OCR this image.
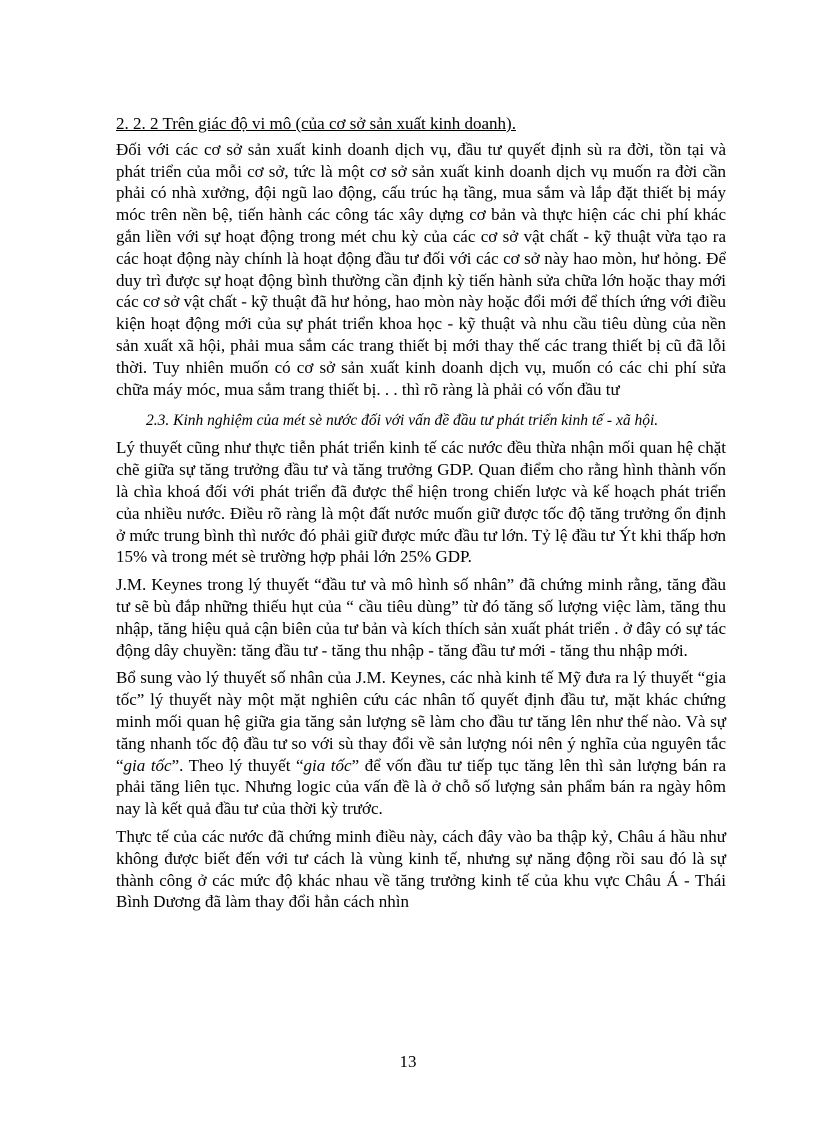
2. 2. 2 Trên giác độ vi mô (của cơ sở sản xuất kinh doanh).

Đối với các cơ sở sản xuất kinh doanh dịch vụ, đầu tư quyết định sù ra đời, tồn tại và phát triển của mỗi cơ sở, tức là một cơ sở sản xuất kinh doanh dịch vụ muốn ra đời cần phải có nhà xưởng, đội ngũ lao động, cấu trúc hạ tầng, mua sắm và lắp đặt thiết bị máy móc trên nền bệ, tiến hành các công tác xây dựng cơ bản và thực hiện các chi phí khác gắn liền với sự hoạt động trong mét chu kỳ của các cơ sở vật chất - kỹ thuật vừa tạo ra các hoạt động này chính là hoạt động đầu tư đối với các cơ sở này hao mòn, hư hỏng. Để duy trì được sự hoạt động bình thường cần định kỳ tiến hành sửa chữa lớn hoặc thay mới các cơ sở vật chất - kỹ thuật đã hư hỏng, hao mòn này hoặc đổi mới để thích ứng với điều kiện hoạt động mới của sự phát triển khoa học - kỹ thuật và nhu cầu tiêu dùng của nền sản xuất xã hội, phải mua sắm các trang thiết bị mới thay thế các trang thiết bị cũ đã lỗi thời. Tuy nhiên muốn có cơ sở sản xuất kinh doanh dịch vụ, muốn có các chi phí sửa chữa máy móc, mua sắm trang thiết bị. . . thì rõ ràng là phải có vốn đầu tư

2.3. Kinh nghiệm của mét sè nước đối với vấn đề đầu tư phát triển kinh tế - xã hội.

Lý thuyết cũng như thực tiễn phát triển kinh tế các nước đều thừa nhận mối quan hệ chặt chẽ giữa sự tăng trưởng đầu tư và tăng trưởng GDP. Quan điểm cho rằng hình thành vốn là chìa khoá đối với phát triển đã được thể hiện trong chiến lược và kế hoạch phát triển của nhiều nước. Điều rõ ràng là một đất nước muốn giữ được tốc độ tăng trưởng ổn định ở mức trung bình thì nước đó phải giữ được mức đầu tư lớn. Tỷ lệ đầu tư Ýt khi thấp hơn 15% và trong mét sè trường hợp phải lớn 25% GDP.

J.M. Keynes trong lý thuyết “đầu tư và mô hình số nhân” đã chứng minh rằng, tăng đầu tư sẽ bù đắp những thiếu hụt của “ cầu tiêu dùng” từ đó tăng số lượng việc làm, tăng thu nhập, tăng hiệu quả cận biên của tư bản và kích thích sản xuất phát triển . ở đây có sự tác động dây chuyền: tăng đầu tư - tăng thu nhập - tăng đầu tư mới - tăng thu nhập mới.

Bổ sung vào lý thuyết số nhân của J.M. Keynes, các nhà kinh tế Mỹ đưa ra lý thuyết “gia tốc” lý thuyết này một mặt nghiên cứu các nhân tố quyết định đầu tư, mặt khác chứng minh mối quan hệ giữa gia tăng sản lượng sẽ làm cho đầu tư tăng lên như thế nào. Và sự tăng nhanh tốc độ đầu tư so với sù thay đổi về sản lượng nói nên ý nghĩa của nguyên tắc “gia tốc”. Theo lý thuyết “gia tốc” để vốn đầu tư tiếp tục tăng lên thì sản lượng bán ra phải tăng liên tục. Nhưng logic của vấn đề là ở chỗ số lượng sản phẩm bán ra ngày hôm nay là kết quả đầu tư của thời kỳ trước.

Thực tế của các nước đã chứng minh điều này, cách đây vào ba thập kỷ, Châu á hầu như không được biết đến với tư cách là vùng kinh tế, nhưng sự năng động rồi sau đó là sự thành công ở các mức độ khác nhau về tăng trưởng kinh tế của khu vực Châu Á - Thái Bình Dương đã làm thay đổi hẳn cách nhìn

13
